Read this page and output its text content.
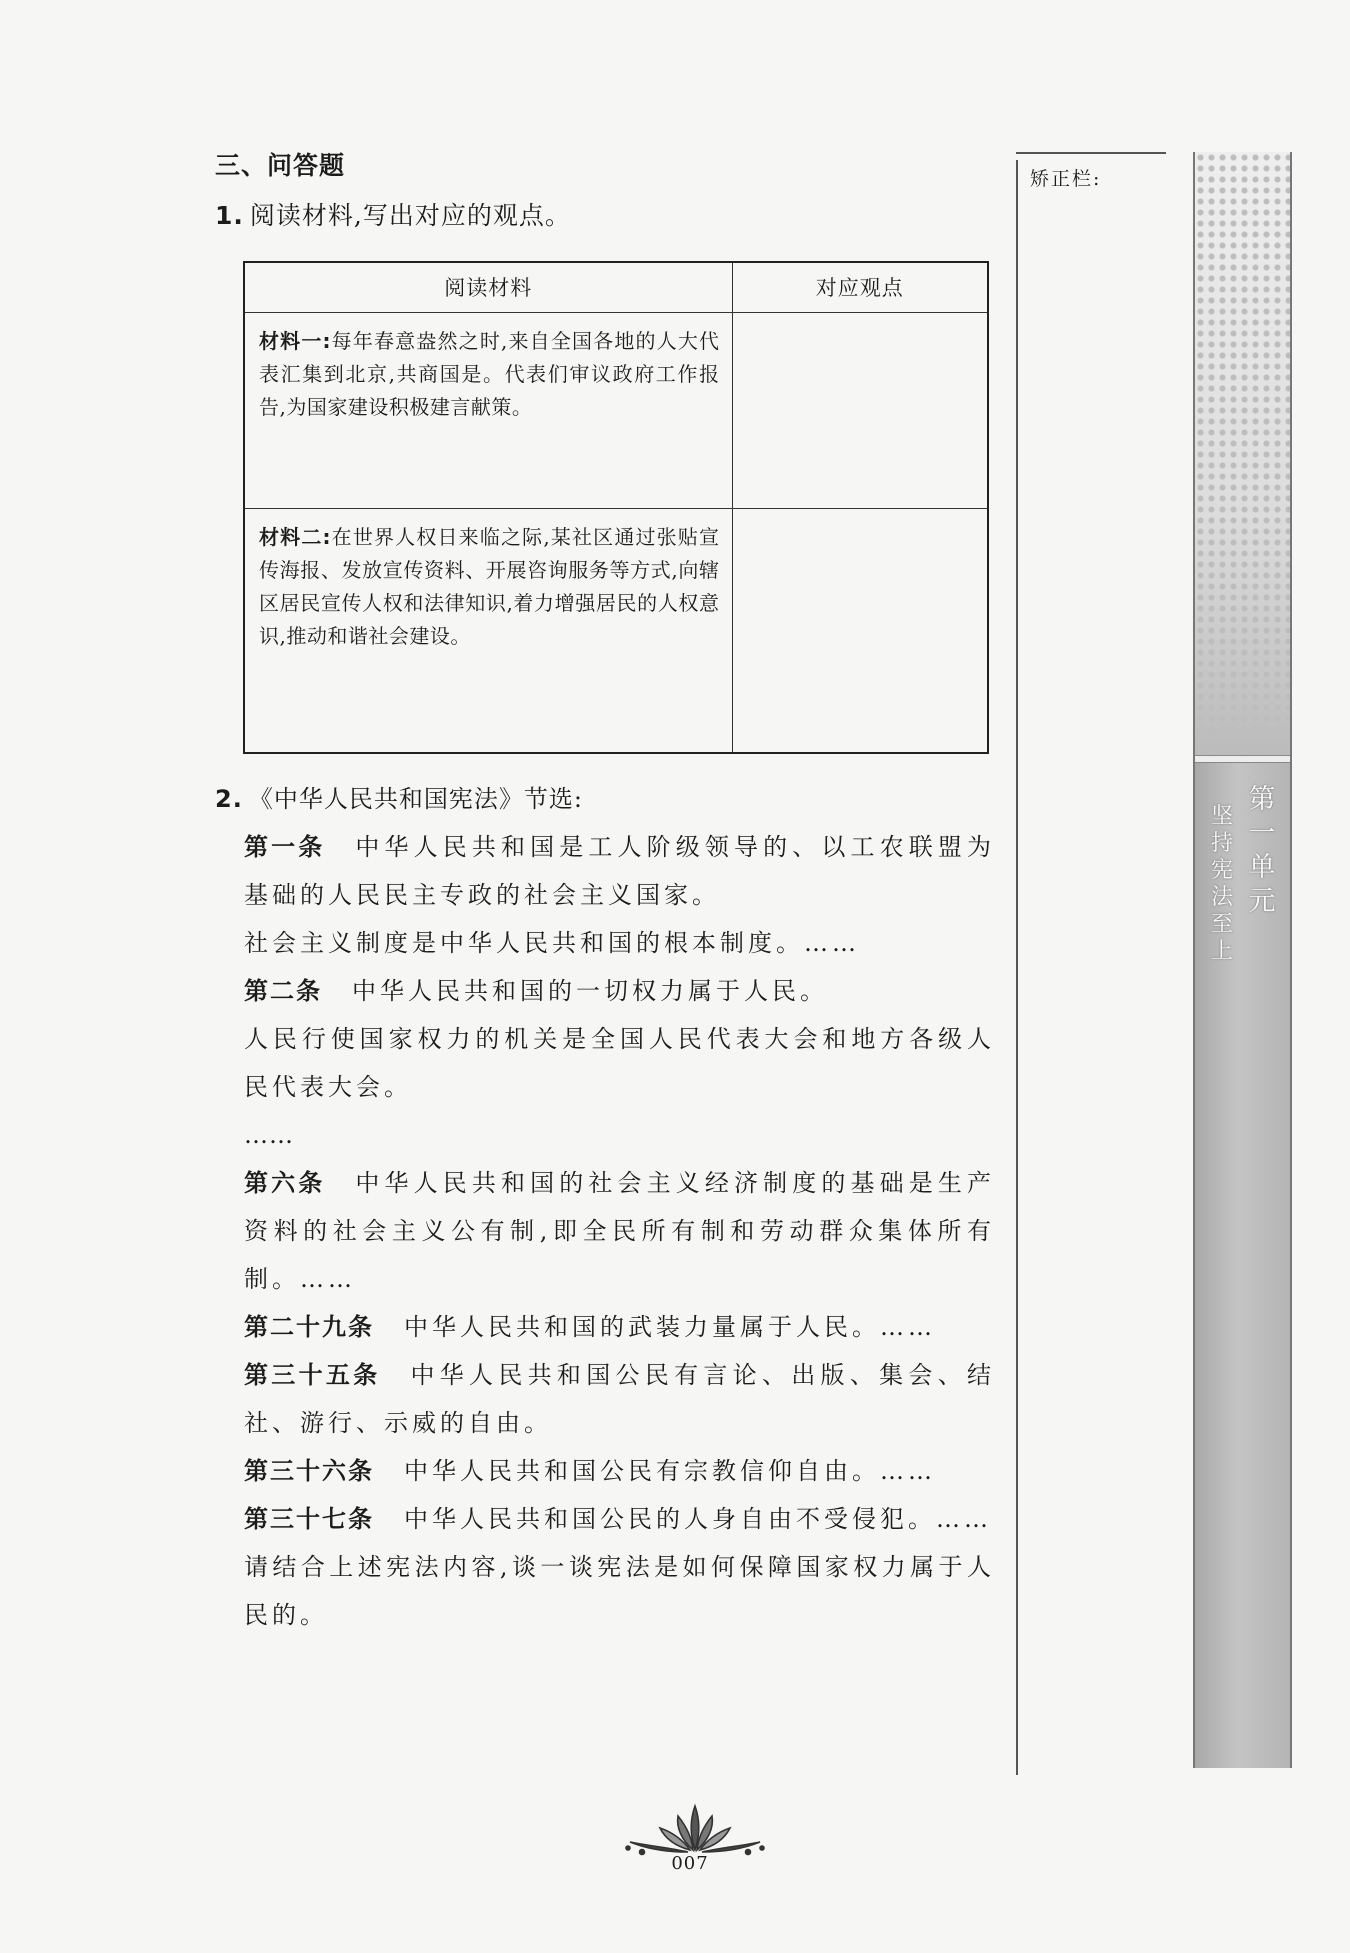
三、问答题
1. 阅读材料,写出对应的观点。
阅读材料	对应观点
材料一:每年春意盎然之时,来自全国各地的人大代表汇集到北京,共商国是。代表们审议政府工作报告,为国家建设积极建言献策。	
材料二:在世界人权日来临之际,某社区通过张贴宣传海报、发放宣传资料、开展咨询服务等方式,向辖区居民宣传人权和法律知识,着力增强居民的人权意识,推动和谐社会建设。	
2. 《中华人民共和国宪法》节选:
第一条 中华人民共和国是工人阶级领导的、以工农联盟为基础的人民民主专政的社会主义国家。
社会主义制度是中华人民共和国的根本制度。……
第二条 中华人民共和国的一切权力属于人民。
人民行使国家权力的机关是全国人民代表大会和地方各级人民代表大会。
……
第六条 中华人民共和国的社会主义经济制度的基础是生产资料的社会主义公有制,即全民所有制和劳动群众集体所有制。……
第二十九条 中华人民共和国的武装力量属于人民。……
第三十五条 中华人民共和国公民有言论、出版、集会、结社、游行、示威的自由。
第三十六条 中华人民共和国公民有宗教信仰自由。……
第三十七条 中华人民共和国公民的人身自由不受侵犯。……
请结合上述宪法内容,谈一谈宪法是如何保障国家权力属于人民的。
矫正栏:
第一单元
坚持宪法至上
007
